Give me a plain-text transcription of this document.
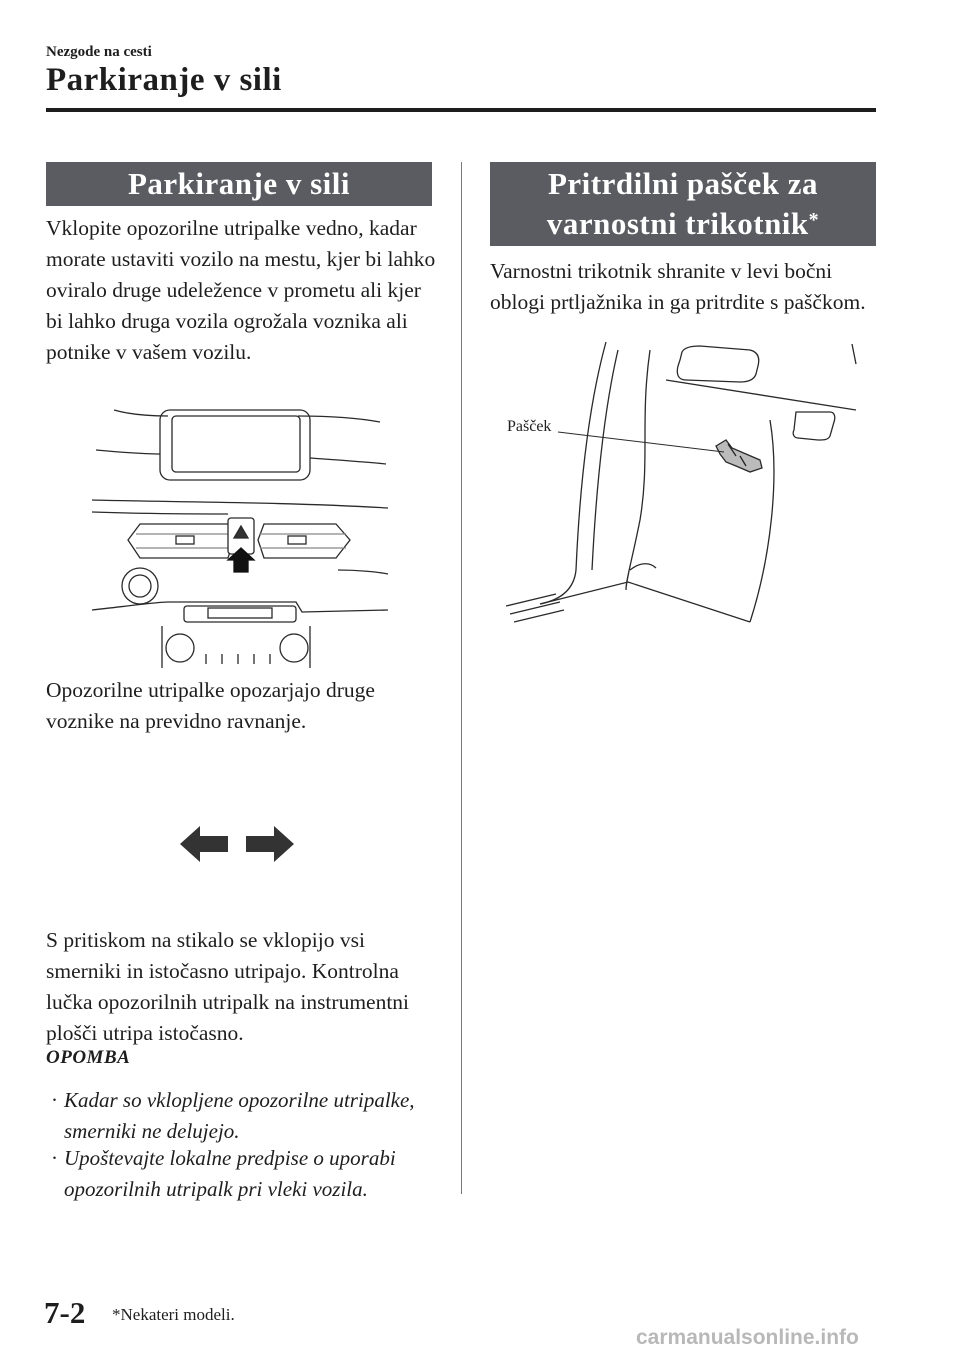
Nezgode na cesti
Parkiranje v sili
Parkiranje v sili
Vklopite opozorilne utripalke vedno, kadar morate ustaviti vozilo na mestu, kjer bi lahko oviralo druge udeležence v prometu ali kjer bi lahko druga vozila ogrožala voznika ali potnike v vašem vozilu.
Opozorilne utripalke opozarjajo druge voznike na previdno ravnanje.
S pritiskom na stikalo se vklopijo vsi smerniki in istočasno utripajo. Kontrolna lučka opozorilnih utripalk na instrumentni plošči utripa istočasno.
OPOMBA
· Kadar so vklopljene opozorilne utripalke, smerniki ne delujejo.
· Upoštevajte lokalne predpise o uporabi opozorilnih utripalk pri vleki vozila.
Pritrdilni pašček za
varnostni trikotnik*
Varnostni trikotnik shranite v levi bočni oblogi prtljažnika in ga pritrdite s paščkom.
Pašček
7-2 *Nekateri modeli.
carmanualsonline.info
